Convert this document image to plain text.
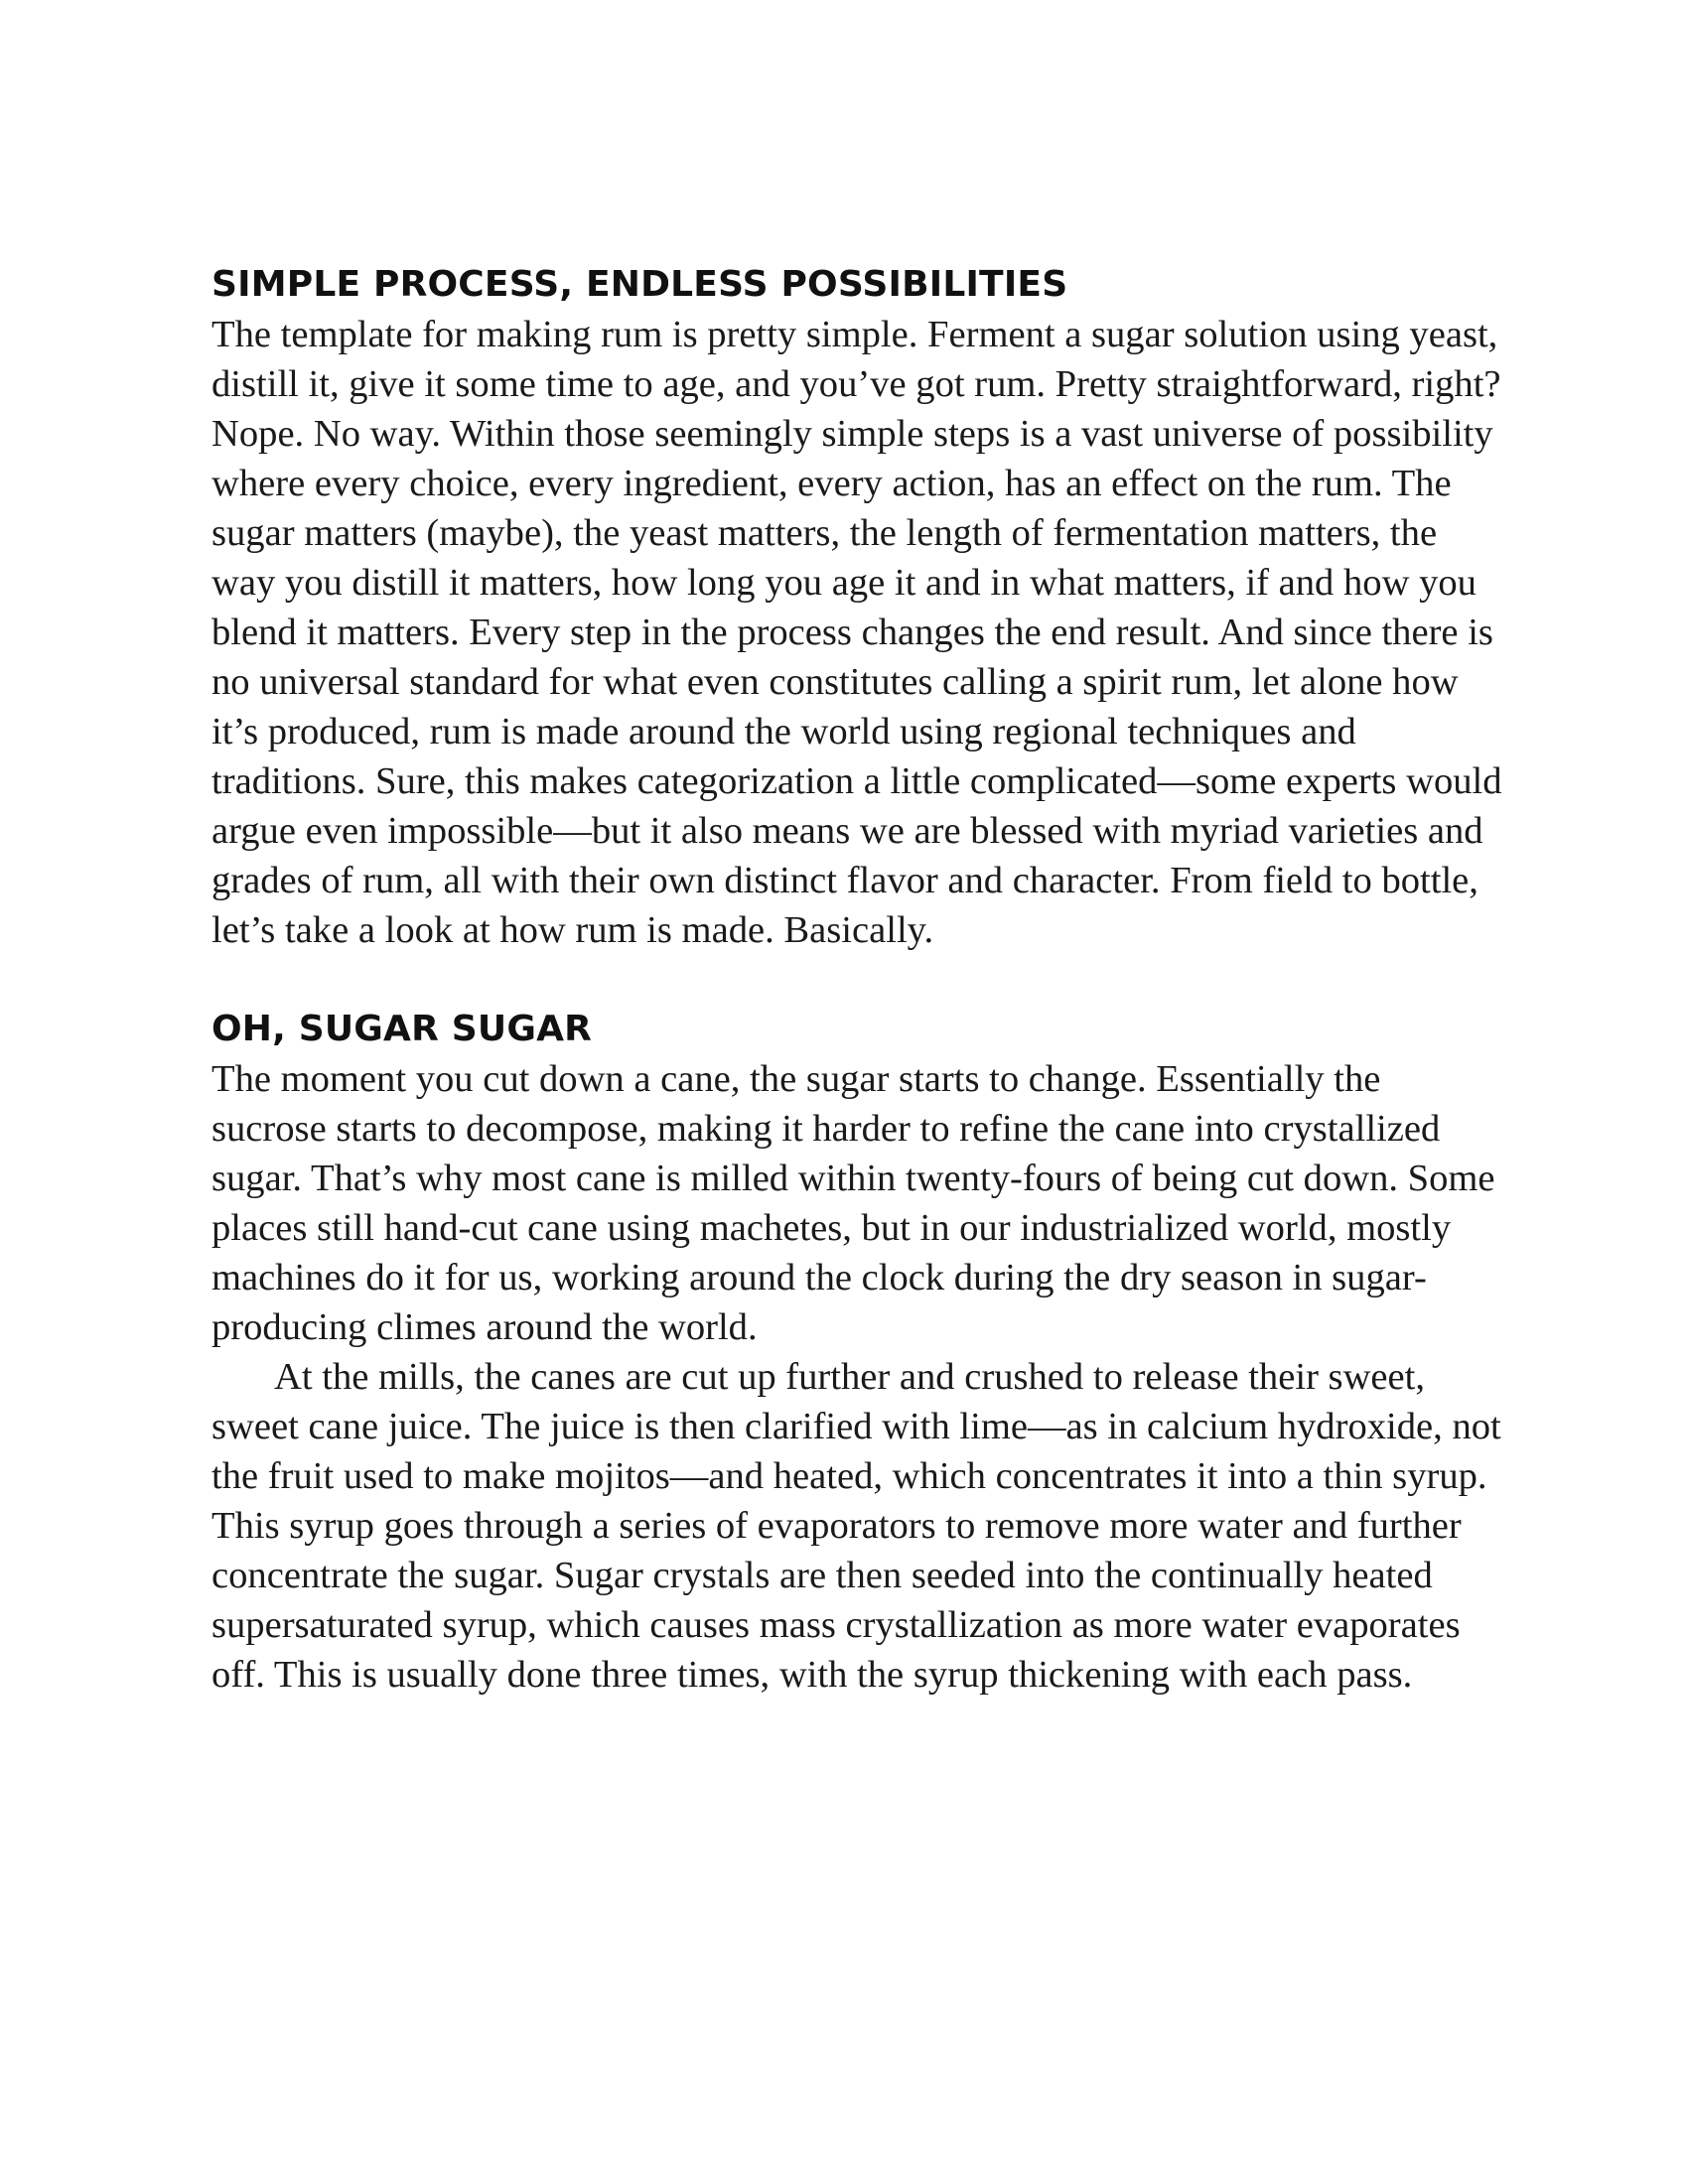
SIMPLE PROCESS, ENDLESS POSSIBILITIES

The template for making rum is pretty simple. Ferment a sugar solution using yeast, distill it, give it some time to age, and you’ve got rum. Pretty straightforward, right? Nope. No way. Within those seemingly simple steps is a vast universe of possibility where every choice, every ingredient, every action, has an effect on the rum. The sugar matters (maybe), the yeast matters, the length of fermentation matters, the way you distill it matters, how long you age it and in what matters, if and how you blend it matters. Every step in the process changes the end result. And since there is no universal standard for what even constitutes calling a spirit rum, let alone how it’s produced, rum is made around the world using regional techniques and traditions. Sure, this makes categorization a little complicated—some experts would argue even impossible—but it also means we are blessed with myriad varieties and grades of rum, all with their own distinct flavor and character. From field to bottle, let’s take a look at how rum is made. Basically.

OH, SUGAR SUGAR

The moment you cut down a cane, the sugar starts to change. Essentially the sucrose starts to decompose, making it harder to refine the cane into crystallized sugar. That’s why most cane is milled within twenty-fours of being cut down. Some places still hand-cut cane using machetes, but in our industrialized world, mostly machines do it for us, working around the clock during the dry season in sugar-producing climes around the world.

At the mills, the canes are cut up further and crushed to release their sweet, sweet cane juice. The juice is then clarified with lime—as in calcium hydroxide, not the fruit used to make mojitos—and heated, which concentrates it into a thin syrup. This syrup goes through a series of evaporators to remove more water and further concentrate the sugar. Sugar crystals are then seeded into the continually heated supersaturated syrup, which causes mass crystallization as more water evaporates off. This is usually done three times, with the syrup thickening with each pass.
